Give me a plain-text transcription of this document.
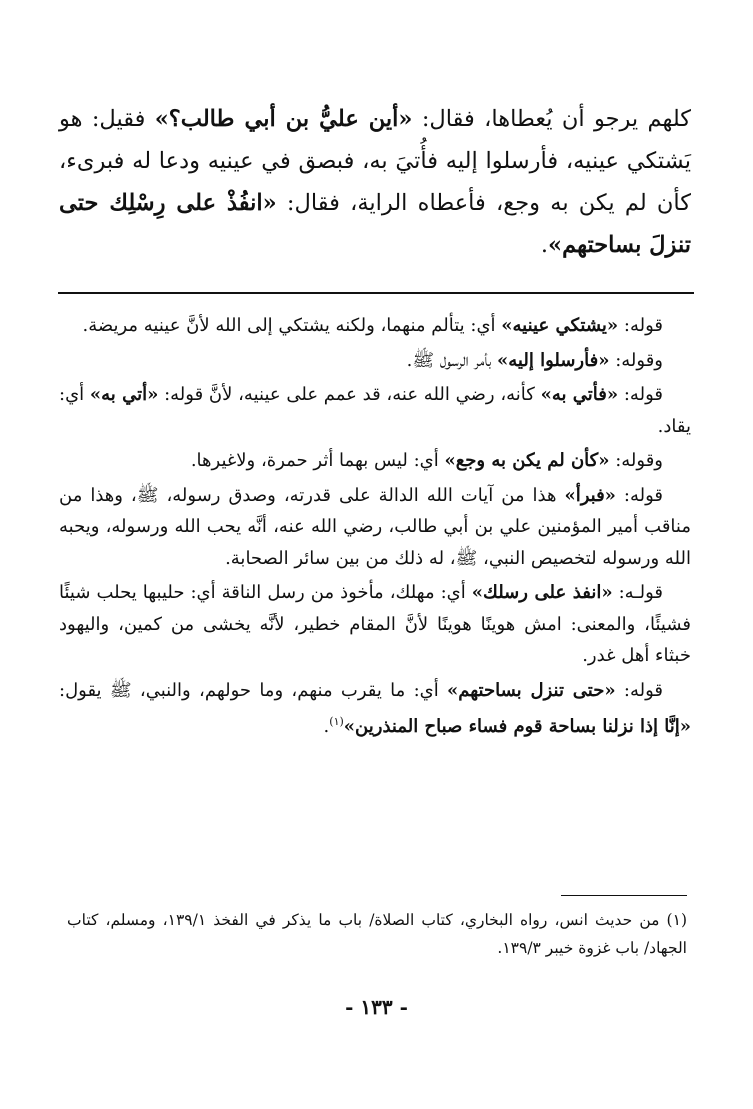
كلهم يرجو أن يُعطاها، فقال: «أين عليُّ بن أبي طالب؟» فقيل: هو يَشتكي عينيه، فأرسلوا إليه فأُتيَ به، فبصق في عينيه ودعا له فبرىء، كأن لم يكن به وجع، فأعطاه الراية، فقال: «انفُذْ على رِسْلِك حتى تنزلَ بساحتهم».

قوله: «يشتكي عينيه» أي: يتألم منهما، ولكنه يشتكي إلى الله لأنَّ عينيه مريضة.

وقوله: «فأرسلوا إليه» بأمر الرسول ﷺ.

قوله: «فأتي به» كأنه، رضي الله عنه، قد عمم على عينيه، لأنَّ قوله: «أتي به» أي: يقاد.

وقوله: «كأن لم يكن به وجع» أي: ليس بهما أثر حمرة، ولاغيرها.

قوله: «فبرأ» هذا من آيات الله الدالة على قدرته، وصدق رسوله، ﷺ، وهذا من مناقب أمير المؤمنين علي بن أبي طالب، رضي الله عنه، أنَّه يحب الله ورسوله، ويحبه الله ورسوله لتخصيص النبي، ﷺ، له ذلك من بين سائر الصحابة.

قولـه: «انفذ على رسلك» أي: مهلك، مأخوذ من رسل الناقة أي: حليبها يحلب شيئًا فشيئًا، والمعنى: امش هوينًا هوينًا لأنَّ المقام خطير، لأنَّه يخشى من كمين، واليهود خبثاء أهل غدر.

قوله: «حتى تنزل بساحتهم» أي: ما يقرب منهم، وما حولهم، والنبي، ﷺ يقول: «إنَّا إذا نزلنا بساحة قوم فساء صباح المنذرين»$^{(١)}$.

(١) من حديث انس، رواه البخاري، كتاب الصلاة/ باب ما يذكر في الفخذ ١٣٩/١، ومسلم، كتاب الجهاد/ باب غزوة خيبر ١٣٩/٣.

- ١٣٣ -
